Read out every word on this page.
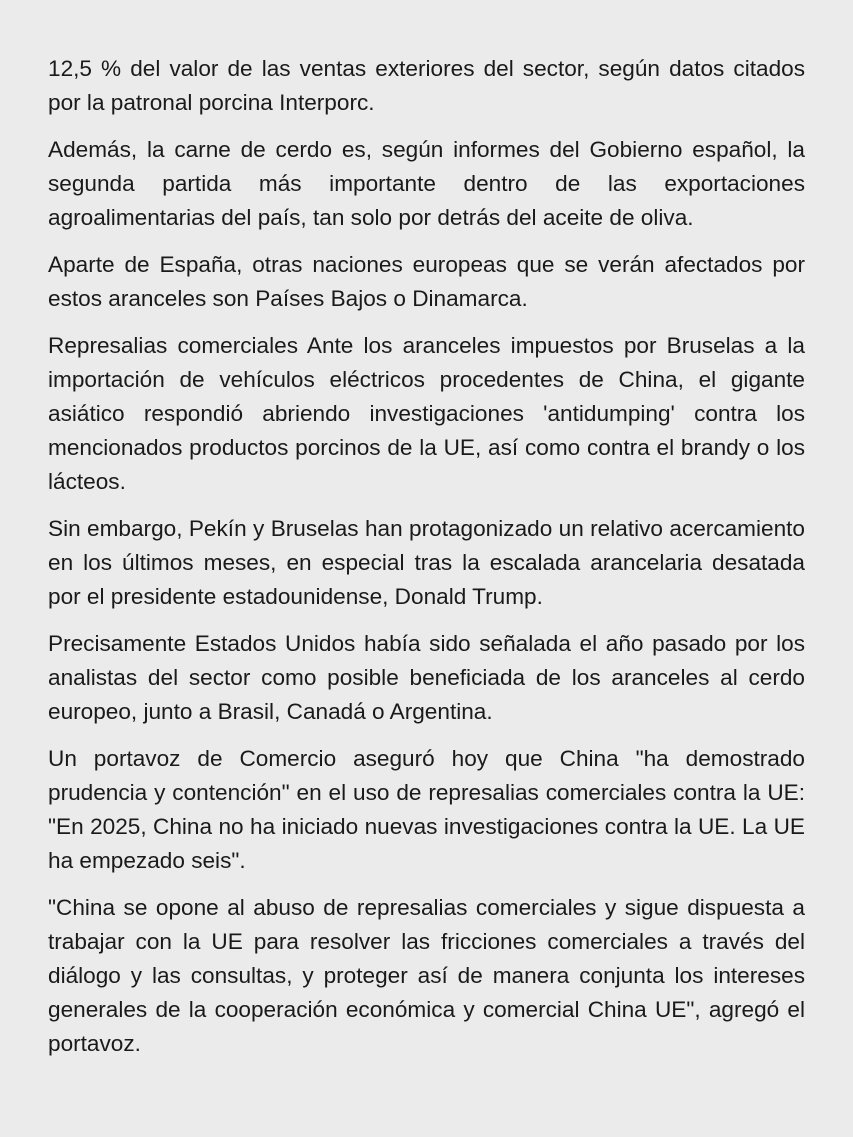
12,5 % del valor de las ventas exteriores del sector, según datos citados por la patronal porcina Interporc.

Además, la carne de cerdo es, según informes del Gobierno español, la segunda partida más importante dentro de las exportaciones agroalimentarias del país, tan solo por detrás del aceite de oliva.

Aparte de España, otras naciones europeas que se verán afectados por estos aranceles son Países Bajos o Dinamarca.

Represalias comerciales Ante los aranceles impuestos por Bruselas a la importación de vehículos eléctricos procedentes de China, el gigante asiático respondió abriendo investigaciones 'antidumping' contra los mencionados productos porcinos de la UE, así como contra el brandy o los lácteos.

Sin embargo, Pekín y Bruselas han protagonizado un relativo acercamiento en los últimos meses, en especial tras la escalada arancelaria desatada por el presidente estadounidense, Donald Trump.

Precisamente Estados Unidos había sido señalada el año pasado por los analistas del sector como posible beneficiada de los aranceles al cerdo europeo, junto a Brasil, Canadá o Argentina.

Un portavoz de Comercio aseguró hoy que China "ha demostrado prudencia y contención" en el uso de represalias comerciales contra la UE: "En 2025, China no ha iniciado nuevas investigaciones contra la UE. La UE ha empezado seis".

"China se opone al abuso de represalias comerciales y sigue dispuesta a trabajar con la UE para resolver las fricciones comerciales a través del diálogo y las consultas, y proteger así de manera conjunta los intereses generales de la cooperación económica y comercial China UE", agregó el portavoz.
